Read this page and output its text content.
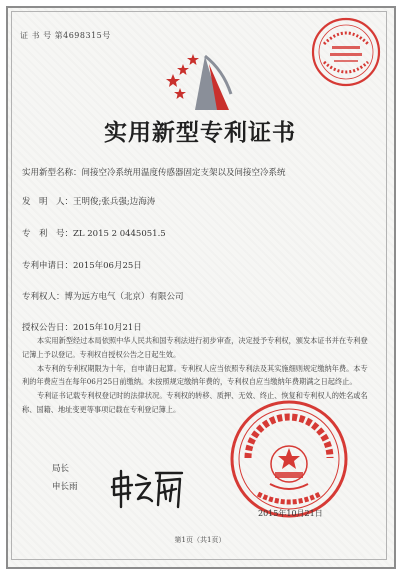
证 书 号 第4698315号
实用新型专利证书
实用新型名称：间接空冷系统用温度传感器固定支架以及间接空冷系统
发　明　人：王明俊;张兵强;边海涛
专　利　号：ZL 2015 2 0445051.5
专利申请日：2015年06月25日
专利权人：博为远方电气（北京）有限公司
授权公告日：2015年10月21日

本实用新型经过本局依照中华人民共和国专利法进行初步审查，决定授予专利权，颁发本证书并在专利登记簿上予以登记。专利权自授权公告之日起生效。

本专利的专利权期限为十年，自申请日起算。专利权人应当依照专利法及其实施细则规定缴纳年费。本专利的年费应当在每年06月25日前缴纳。未按照规定缴纳年费的，专利权自应当缴纳年费期满之日起终止。

专利证书记载专利权登记时的法律状况。专利权的转移、质押、无效、终止、恢复和专利权人的姓名或名称、国籍、地址变更等事项记载在专利登记簿上。

局长
申长雨
2015年10月21日
第1页（共1页）
